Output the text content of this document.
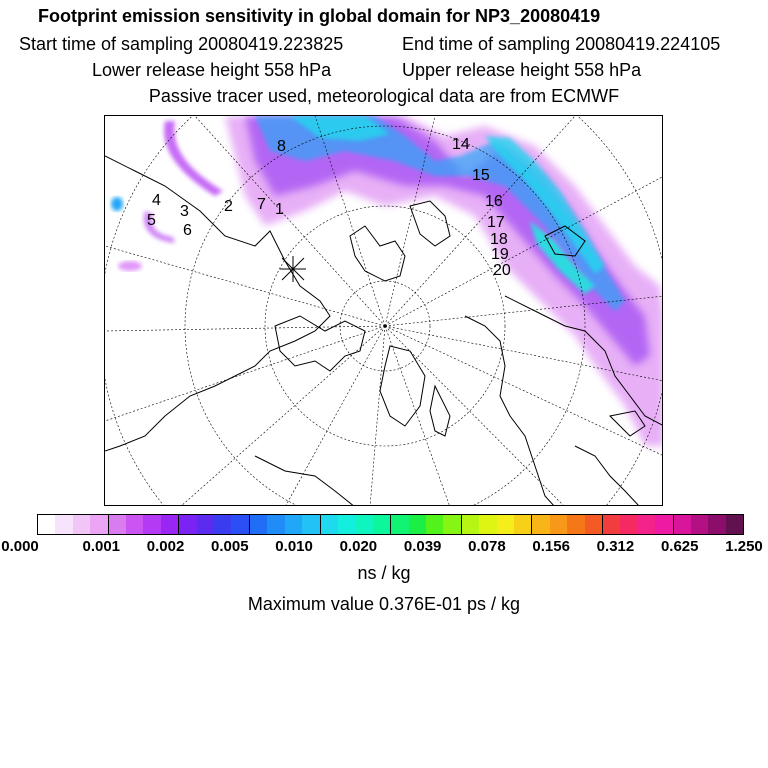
Footprint emission sensitivity in global domain for NP3_20080419
Start time of sampling 20080419.223825	End time of sampling 20080419.224105
Lower release height 558 hPa	Upper release height 558 hPa
Passive tracer used, meteorological data are from ECMWF
1
2
3
4
5
6
7
8	14
15
16
17
18
19
20
0.000	0.001 0.002 0.005 0.010 0.020 0.039 0.078 0.156 0.312 0.625 1.250
ns / kg
Maximum value 0.376E-01 ps / kg
